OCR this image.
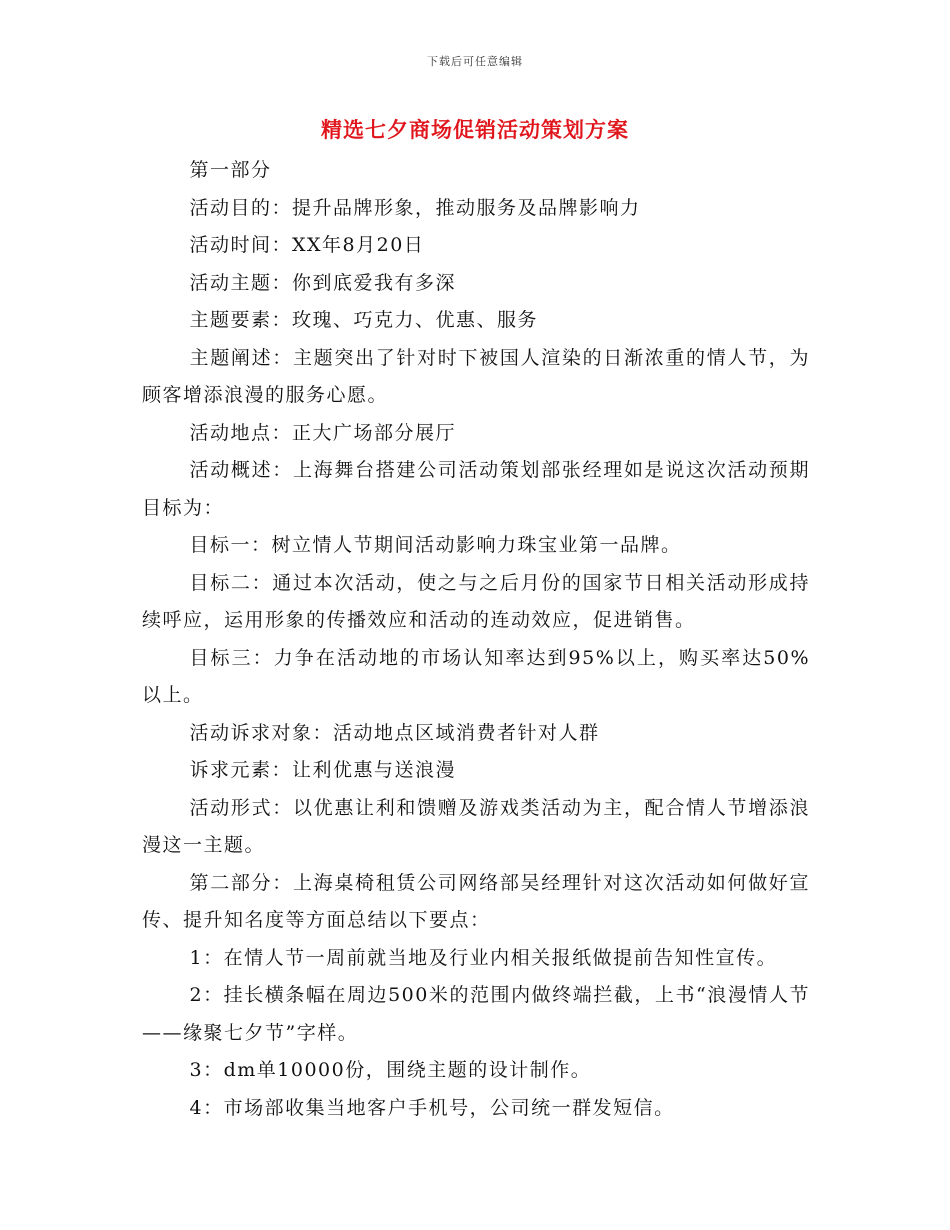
下载后可任意编辑
精选七夕商场促销活动策划方案

第一部分

活动目的：提升品牌形象，推动服务及品牌影响力

活动时间：XX年8月20日

活动主题：你到底爱我有多深

主题要素：玫瑰、巧克力、优惠、服务

主题阐述：主题突出了针对时下被国人渲染的日渐浓重的情人节，为顾客增添浪漫的服务心愿。

活动地点：正大广场部分展厅

活动概述：上海舞台搭建公司活动策划部张经理如是说这次活动预期目标为：

目标一：树立情人节期间活动影响力珠宝业第一品牌。

目标二：通过本次活动，使之与之后月份的国家节日相关活动形成持续呼应，运用形象的传播效应和活动的连动效应，促进销售。

目标三：力争在活动地的市场认知率达到95%以上，购买率达50%以上。

活动诉求对象：活动地点区域消费者针对人群

诉求元素：让利优惠与送浪漫

活动形式：以优惠让利和馈赠及游戏类活动为主，配合情人节增添浪漫这一主题。

第二部分：上海桌椅租赁公司网络部吴经理针对这次活动如何做好宣传、提升知名度等方面总结以下要点：

1：在情人节一周前就当地及行业内相关报纸做提前告知性宣传。

2：挂长横条幅在周边500米的范围内做终端拦截，上书“浪漫情人节——缘聚七夕节”字样。

3：dm单10000份，围绕主题的设计制作。

4：市场部收集当地客户手机号，公司统一群发短信。
